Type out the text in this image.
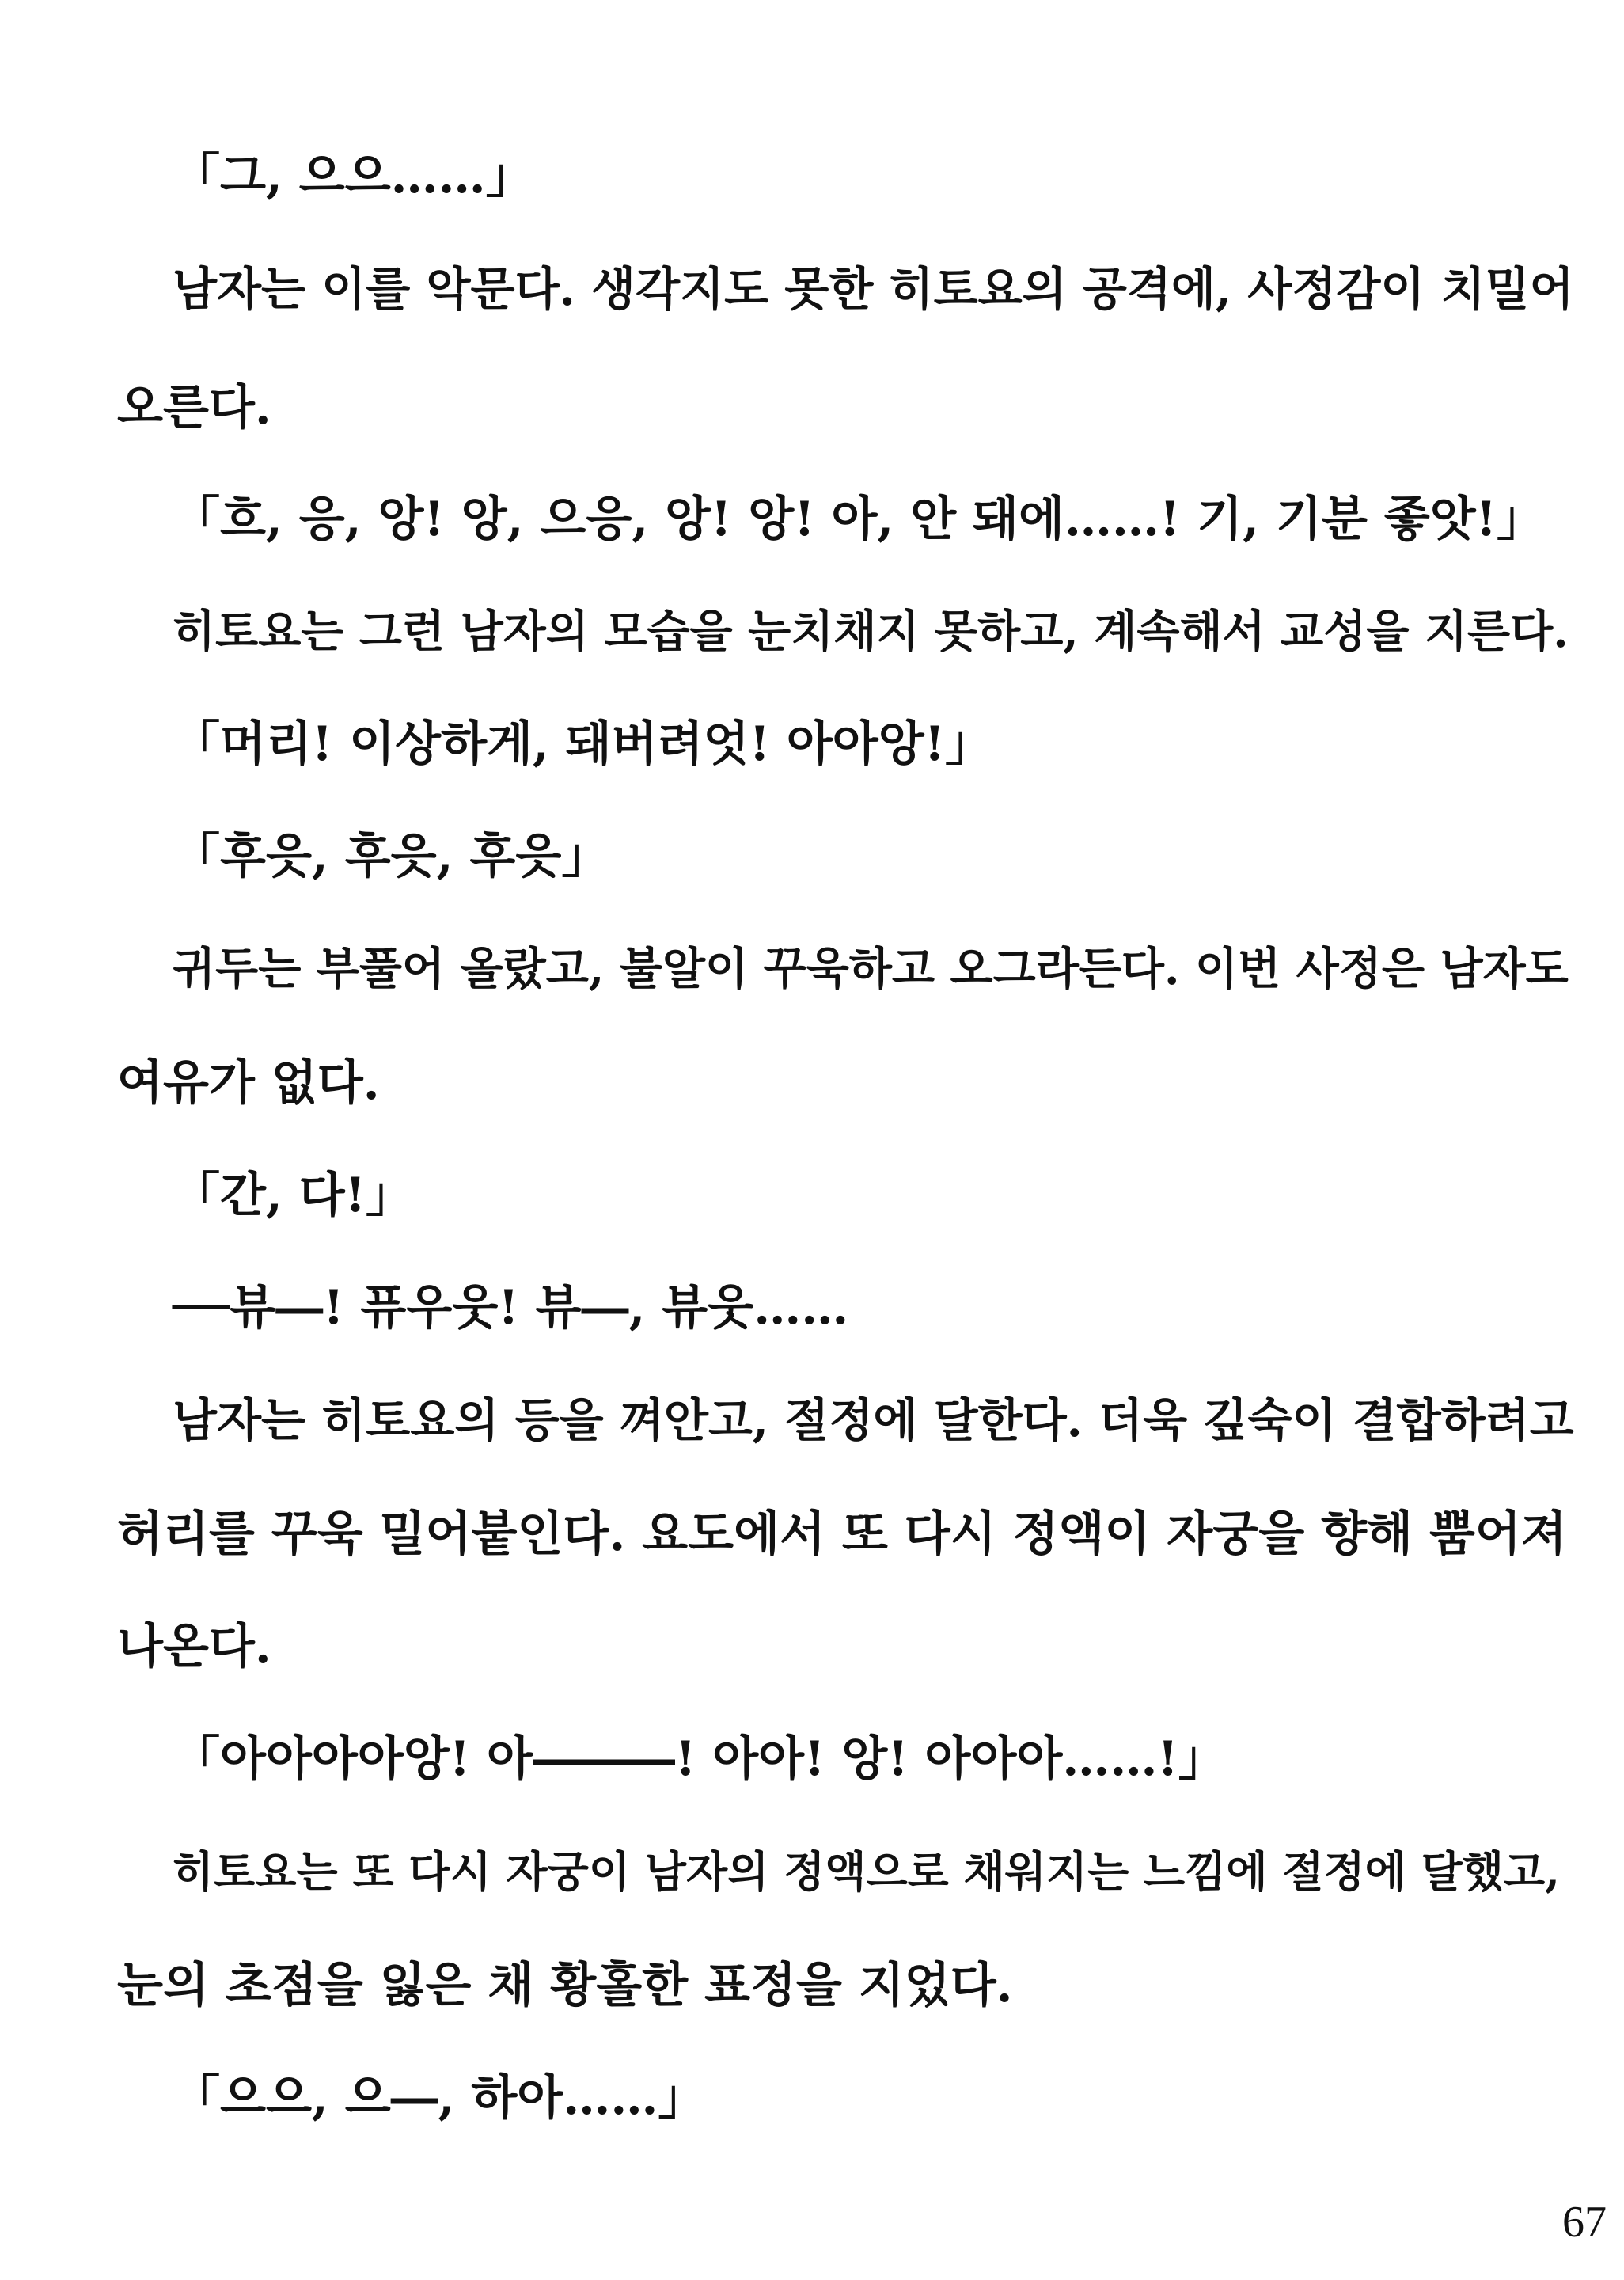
「그, 으으……」
남자는 이를 악문다. 생각지도 못한 히토요의 공격에, 사정감이 치밀어
오른다.
「흐, 응, 앙! 앙, 으응, 앙! 앙! 아, 안 돼에……! 기, 기분 좋앗!」
히토요는 그런 남자의 모습을 눈치채지 못하고, 계속해서 교성을 지른다.
「머리! 이상하게, 돼버려엇! 아아앙!」
「후읏, 후읏, 후읏」
귀두는 부풀어 올랐고, 불알이 꾸욱하고 오그라든다. 이번 사정은 남자도
여유가 없다.
「간, 다!」
──뷰―! 퓨우웃! 뷰―, 뷰웃……
남자는 히토요의 등을 껴안고, 절정에 달한다. 더욱 깊숙이 결합하려고
허리를 꾸욱 밀어붙인다. 요도에서 또 다시 정액이 자궁을 향해 뿜어져
나온다.
「아아아아앙! 아―――! 아아! 앙! 아아아……!」
히토요는 또 다시 자궁이 남자의 정액으로 채워지는 느낌에 절정에 달했고,
눈의 초점을 잃은 채 황홀한 표정을 지었다.
「으으, 으―, 하아……」
67
